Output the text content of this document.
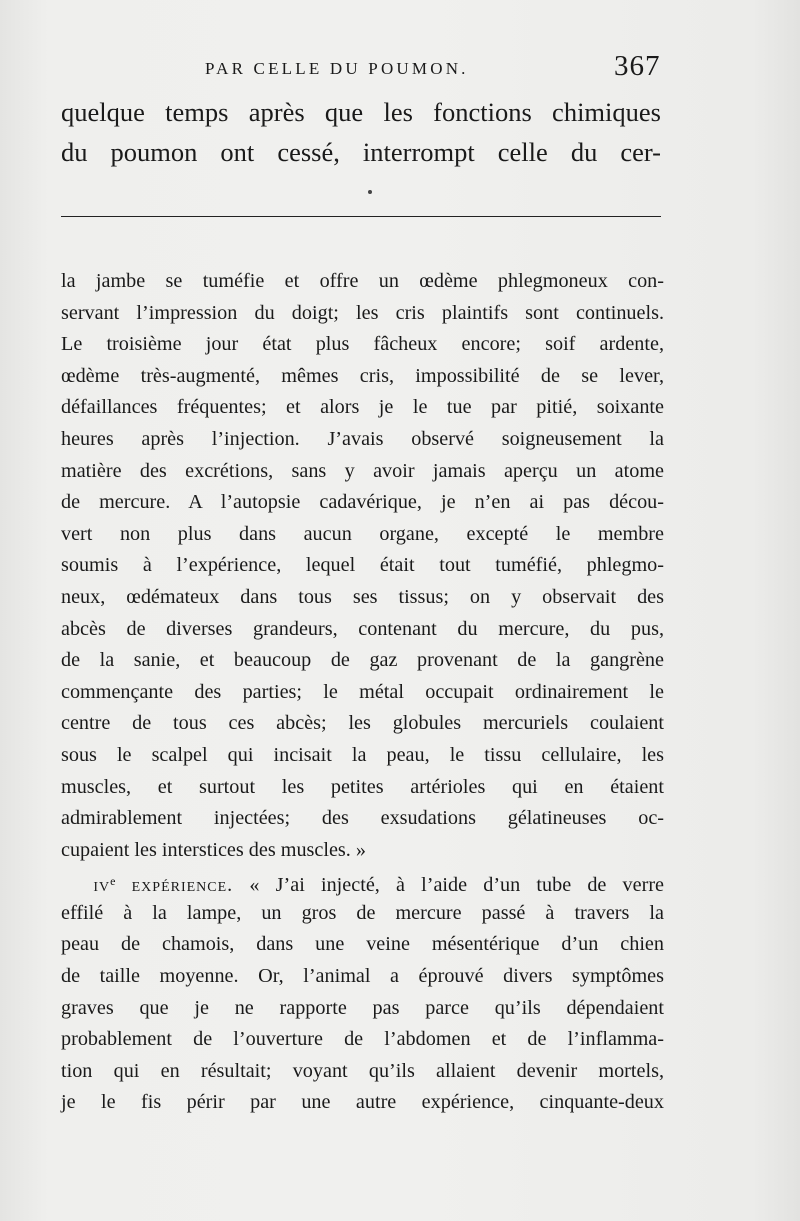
PAR CELLE DU POUMON.	367
quelque temps après que les fonctions chimiques
du poumon ont cessé, interrompt celle du cer-
la jambe se tuméfie et offre un œdème phlegmoneux con-
servant l’impression du doigt; les cris plaintifs sont continuels.
Le troisième jour état plus fâcheux encore; soif ardente,
œdème très-augmenté, mêmes cris, impossibilité de se lever,
défaillances fréquentes; et alors je le tue par pitié, soixante
heures après l’injection. J’avais observé soigneusement la
matière des excrétions, sans y avoir jamais aperçu un atome
de mercure. A l’autopsie cadavérique, je n’en ai pas décou-
vert non plus dans aucun organe, excepté le membre
soumis à l’expérience, lequel était tout tuméfié, phlegmo-
neux, œdémateux dans tous ses tissus; on y observait des
abcès de diverses grandeurs, contenant du mercure, du pus,
de la sanie, et beaucoup de gaz provenant de la gangrène
commençante des parties; le métal occupait ordinairement le
centre de tous ces abcès; les globules mercuriels coulaient
sous le scalpel qui incisait la peau, le tissu cellulaire, les
muscles, et surtout les petites artérioles qui en étaient
admirablement injectées; des exsudations gélatineuses oc-
cupaient les interstices des muscles. »
$iv^e$ expérience. « J’ai injecté, à l’aide d’un tube de verre
effilé à la lampe, un gros de mercure passé à travers la
peau de chamois, dans une veine mésentérique d’un chien
de taille moyenne. Or, l’animal a éprouvé divers symptômes
graves que je ne rapporte pas parce qu’ils dépendaient
probablement de l’ouverture de l’abdomen et de l’inflamma-
tion qui en résultait; voyant qu’ils allaient devenir mortels,
je le fis périr par une autre expérience, cinquante-deux
